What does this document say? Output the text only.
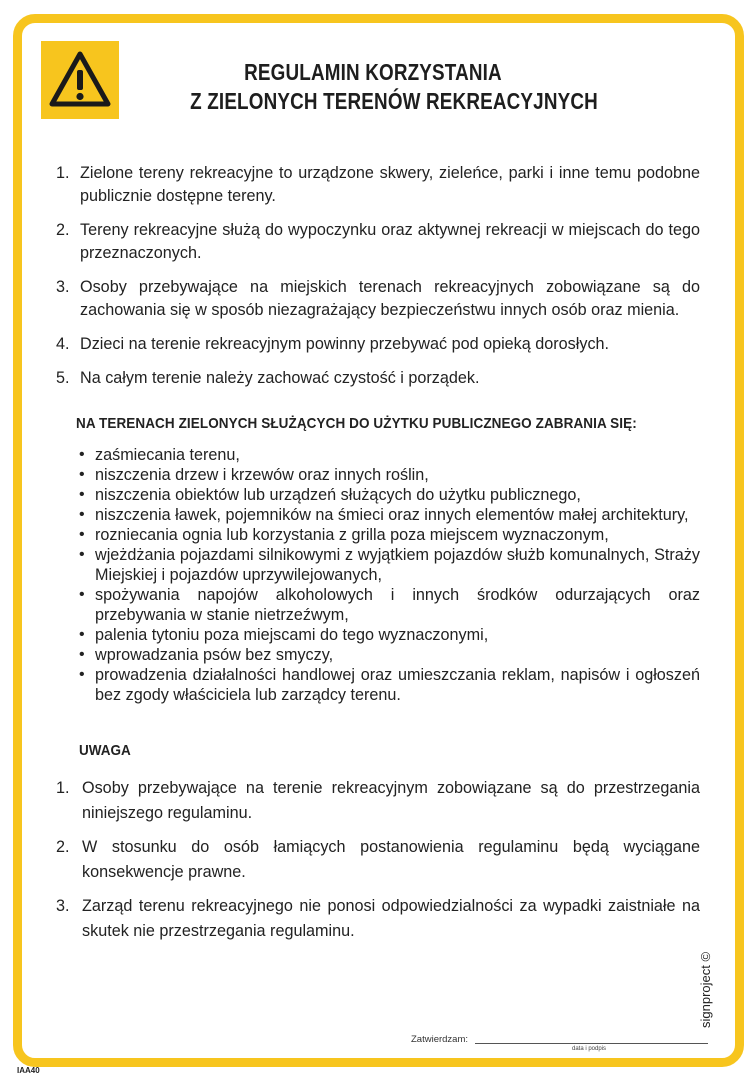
REGULAMIN KORZYSTANIA
Z ZIELONYCH TERENÓW REKREACYJNYCH
1. Zielone tereny rekreacyjne to urządzone skwery, zieleńce, parki i inne temu podobne publicznie dostępne tereny.
2. Tereny rekreacyjne służą do wypoczynku oraz aktywnej rekreacji w miejscach do tego przeznaczonych.
3. Osoby przebywające na miejskich terenach rekreacyjnych zobowiązane są do zachowania się w sposób niezagrażający bezpieczeństwu innych osób oraz mienia.
4. Dzieci na terenie rekreacyjnym powinny przebywać pod opieką dorosłych.
5. Na całym terenie należy zachować czystość i porządek.
NA TERENACH ZIELONYCH SŁUŻĄCYCH DO UŻYTKU PUBLICZNEGO ZABRANIA SIĘ:
• zaśmiecania terenu,
• niszczenia drzew i krzewów oraz innych roślin,
• niszczenia obiektów lub urządzeń służących do użytku publicznego,
• niszczenia ławek, pojemników na śmieci oraz innych elementów małej architektury,
• rozniecania ognia lub korzystania z grilla poza miejscem wyznaczonym,
• wjeżdżania pojazdami silnikowymi z wyjątkiem pojazdów służb komunalnych, Straży Miejskiej i pojazdów uprzywilejowanych,
• spożywania napojów alkoholowych i innych środków odurzających oraz przebywania w stanie nietrzeźwym,
• palenia tytoniu poza miejscami do tego wyznaczonymi,
• wprowadzania psów bez smyczy,
• prowadzenia działalności handlowej oraz umieszczania reklam, napisów i ogłoszeń bez zgody właściciela lub zarządcy terenu.
UWAGA
1. Osoby przebywające na terenie rekreacyjnym zobowiązane są do przestrzegania niniejszego regulaminu.
2. W stosunku do osób łamiących postanowienia regulaminu będą wyciągane konsekwencje prawne.
3. Zarząd terenu rekreacyjnego nie ponosi odpowiedzialności za wypadki zaistniałe na skutek nie przestrzegania regulaminu.
signproject ©
Zatwierdzam:
data i podpis
IAA40
